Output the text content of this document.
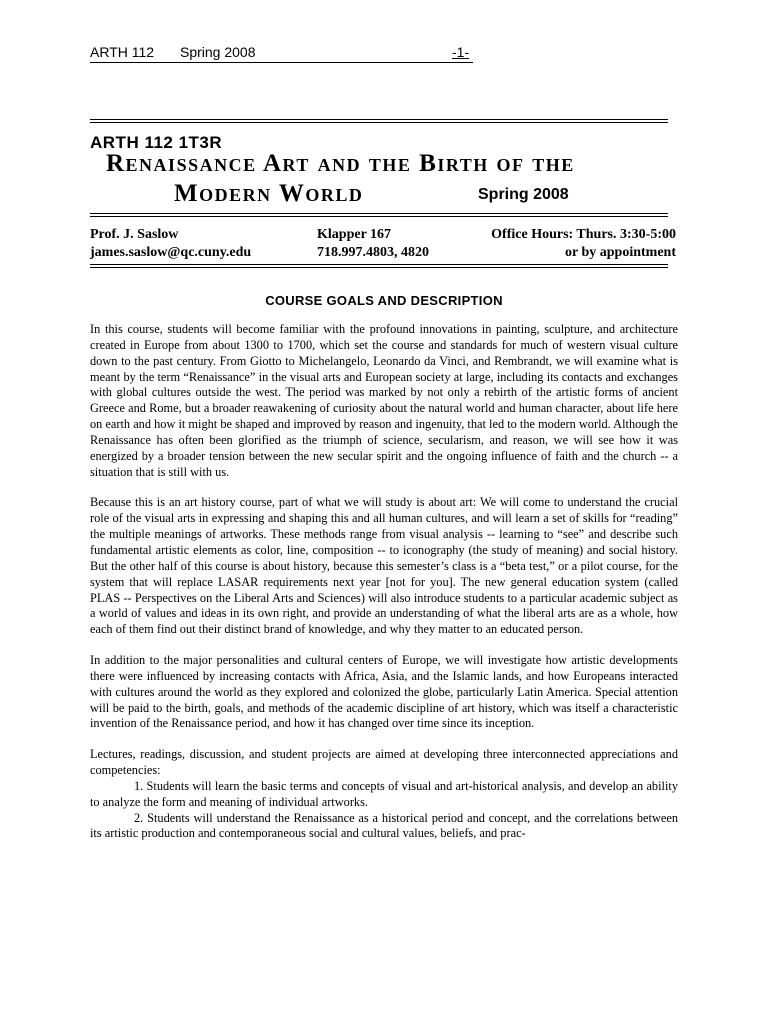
ARTH 112 Spring 2008	-1-
ARTH 112 1T3R
Renaissance Art and the Birth of the
Modern World	Spring 2008
Prof. J. Saslow
james.saslow@qc.cuny.edu
Klapper 167
718.997.4803, 4820
Office Hours: Thurs. 3:30-5:00
or by appointment
COURSE GOALS AND DESCRIPTION

In this course, students will become familiar with the profound innovations in painting, sculpture, and architecture created in Europe from about 1300 to 1700, which set the course and standards for much of western visual culture down to the past century. From Giotto to Michelangelo, Leonardo da Vinci, and Rembrandt, we will examine what is meant by the term “Renaissance” in the visual arts and European society at large, including its contacts and exchanges with global cultures outside the west. The period was marked by not only a rebirth of the artistic forms of ancient Greece and Rome, but a broader reawakening of curiosity about the natural world and human character, about life here on earth and how it might be shaped and improved by reason and ingenuity, that led to the modern world. Although the Renaissance has often been glorified as the triumph of science, secularism, and reason, we will see how it was energized by a broader tension between the new secular spirit and the ongoing influence of faith and the church -- a situation that is still with us.

Because this is an art history course, part of what we will study is about art: We will come to understand the crucial role of the visual arts in expressing and shaping this and all human cultures, and will learn a set of skills for “reading” the multiple meanings of artworks. These methods range from visual analysis -- learning to “see” and describe such fundamental artistic elements as color, line, composition -- to iconography (the study of meaning) and social history. But the other half of this course is about history, because this semester’s class is a “beta test,” or a pilot course, for the system that will replace LASAR requirements next year [not for you]. The new general education system (called PLAS -- Perspectives on the Liberal Arts and Sciences) will also introduce students to a particular academic subject as a world of values and ideas in its own right, and provide an understanding of what the liberal arts are as a whole, how each of them find out their distinct brand of knowledge, and why they matter to an educated person.

In addition to the major personalities and cultural centers of Europe, we will investigate how artistic developments there were influenced by increasing contacts with Africa, Asia, and the Islamic lands, and how Europeans interacted with cultures around the world as they explored and colonized the globe, particularly Latin America. Special attention will be paid to the birth, goals, and methods of the academic discipline of art history, which was itself a characteristic invention of the Renaissance period, and how it has changed over time since its inception.

Lectures, readings, discussion, and student projects are aimed at developing three interconnected appreciations and competencies:

1. Students will learn the basic terms and concepts of visual and art-historical analysis, and develop an ability to analyze the form and meaning of individual artworks.
2. Students will understand the Renaissance as a historical period and concept, and the correlations between its artistic production and contemporaneous social and cultural values, beliefs, and prac-
